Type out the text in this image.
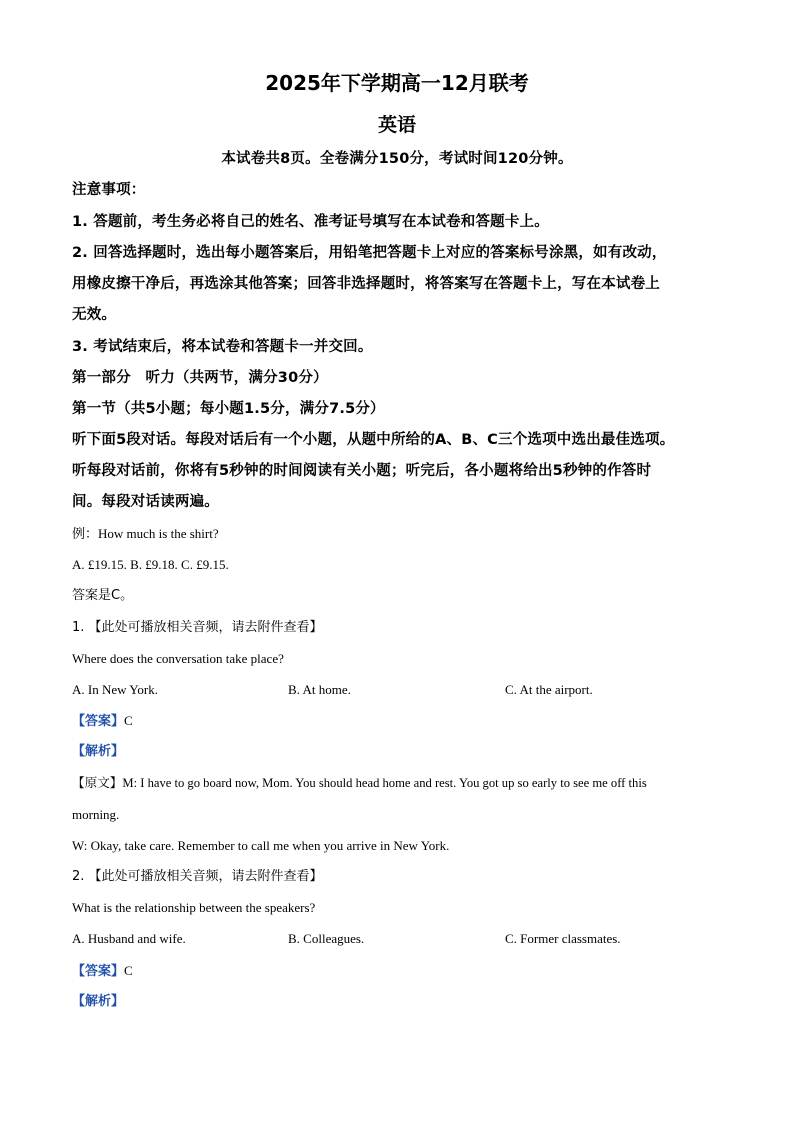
2025年下学期高一12月联考
英语
本试卷共8页。全卷满分150分，考试时间120分钟。
注意事项：
1. 答题前，考生务必将自己的姓名、准考证号填写在本试卷和答题卡上。
2. 回答选择题时，选出每小题答案后，用铅笔把答题卡上对应的答案标号涂黑，如有改动，
用橡皮擦干净后，再选涂其他答案；回答非选择题时，将答案写在答题卡上，写在本试卷上
无效。
3. 考试结束后，将本试卷和答题卡一并交回。
第一部分　听力（共两节，满分30分）
第一节（共5小题；每小题1.5分，满分7.5分）
听下面5段对话。每段对话后有一个小题，从题中所给的A、B、C三个选项中选出最佳选项。
听每段对话前，你将有5秒钟的时间阅读有关小题；听完后，各小题将给出5秒钟的作答时
间。每段对话读两遍。
例：How much is the shirt?
A. £19.15. B. £9.18. C. £9.15.
答案是C。
1. 【此处可播放相关音频，请去附件查看】
Where does the conversation take place?
A. In New York.	B. At home.	C. At the airport.
【答案】C
【解析】
【原文】M: I have to go board now, Mom. You should head home and rest. You got up so early to see me off this
morning.
W: Okay, take care. Remember to call me when you arrive in New York.
2. 【此处可播放相关音频，请去附件查看】
What is the relationship between the speakers?
A. Husband and wife.	B. Colleagues.	C. Former classmates.
【答案】C
【解析】
